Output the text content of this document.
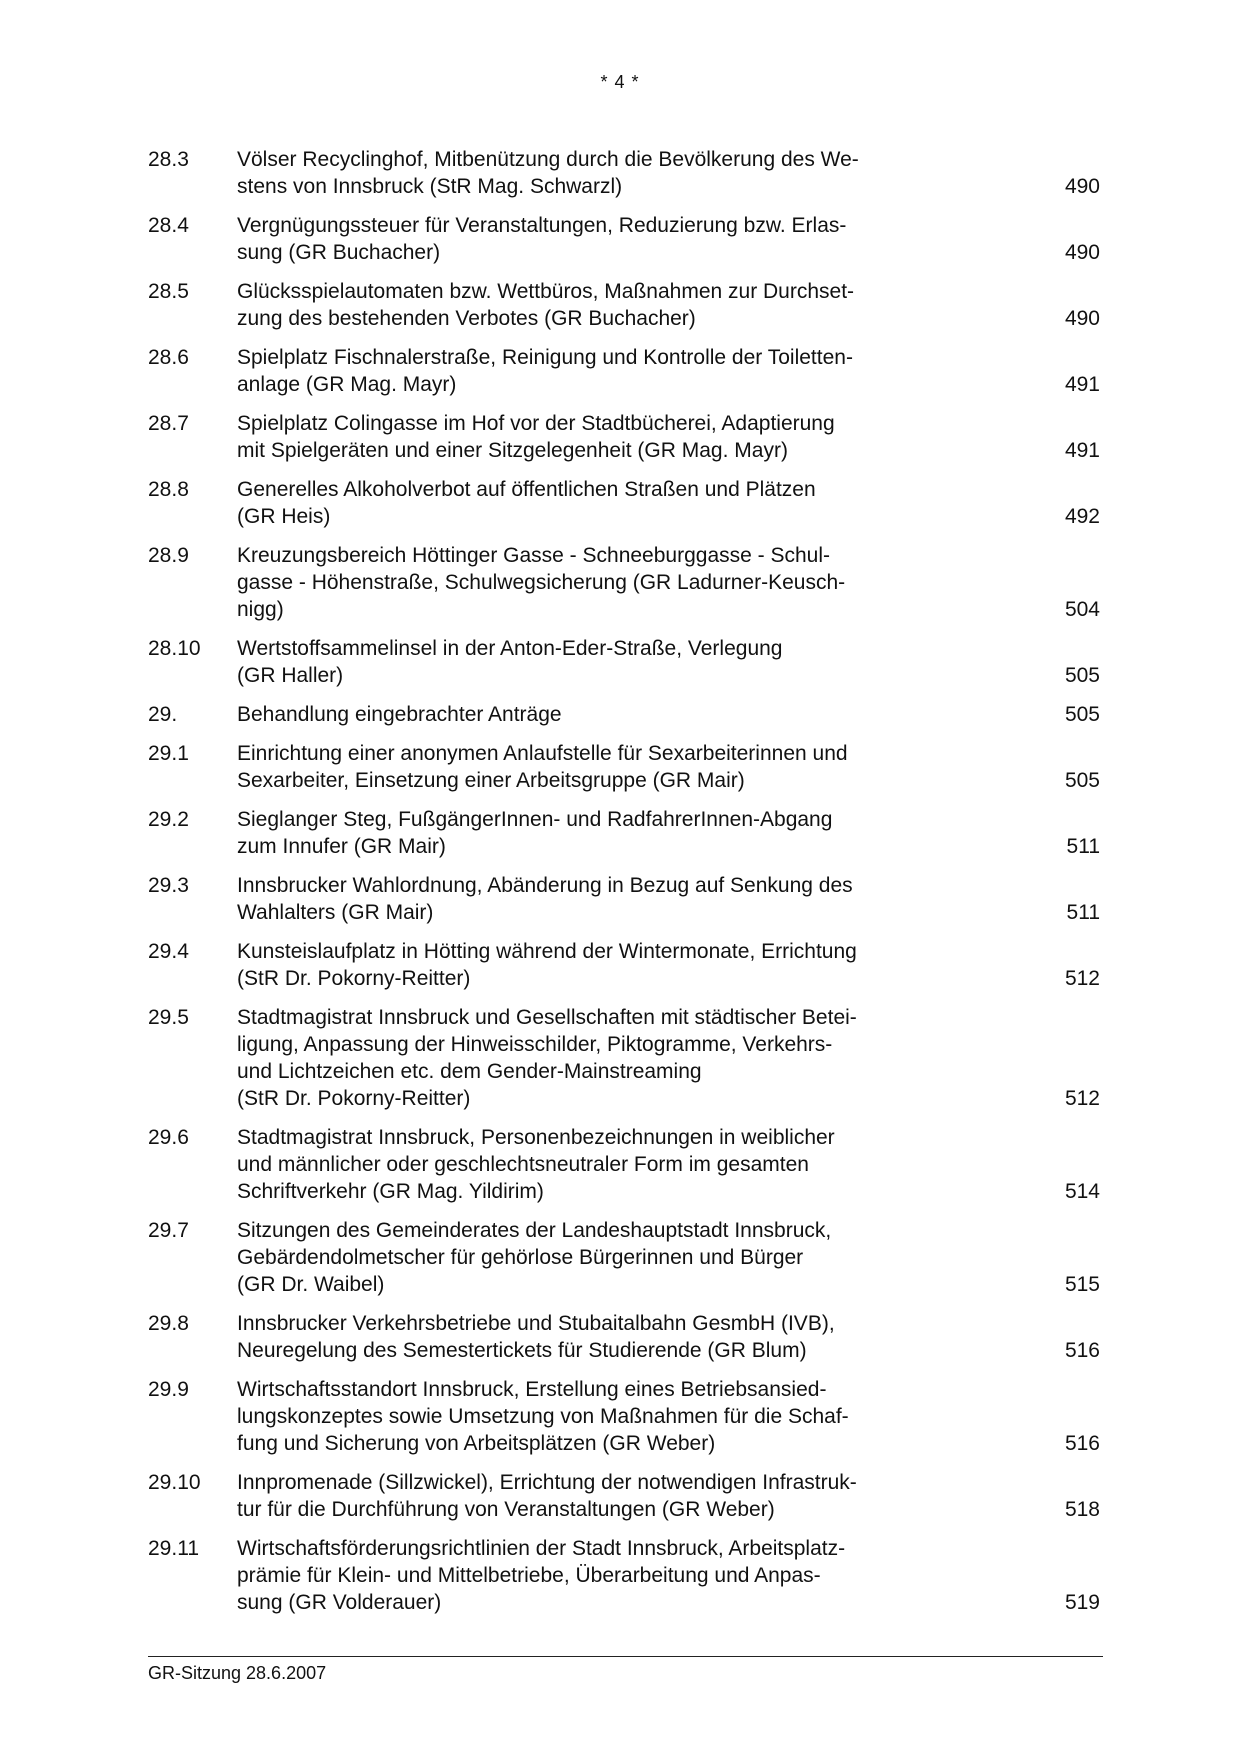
* 4 *
28.3	Völser Recyclinghof, Mitbenützung durch die Bevölkerung des We-
stens von Innsbruck (StR Mag. Schwarzl)	490
28.4	Vergnügungssteuer für Veranstaltungen, Reduzierung bzw. Erlas-
sung (GR Buchacher)	490
28.5	Glücksspielautomaten bzw. Wettbüros, Maßnahmen zur Durchset-
zung des bestehenden Verbotes (GR Buchacher)	490
28.6	Spielplatz Fischnalerstraße, Reinigung und Kontrolle der Toiletten-
anlage (GR Mag. Mayr)	491
28.7	Spielplatz Colingasse im Hof vor der Stadtbücherei, Adaptierung
mit Spielgeräten und einer Sitzgelegenheit (GR Mag. Mayr)	491
28.8	Generelles Alkoholverbot auf öffentlichen Straßen und Plätzen
(GR Heis)	492
28.9	Kreuzungsbereich Höttinger Gasse - Schneeburggasse - Schul-
gasse - Höhenstraße, Schulwegsicherung (GR Ladurner-Keusch-
nigg)	504
28.10	Wertstoffsammelinsel in der Anton-Eder-Straße, Verlegung
(GR Haller)	505
29.	Behandlung eingebrachter Anträge	505
29.1	Einrichtung einer anonymen Anlaufstelle für Sexarbeiterinnen und
Sexarbeiter, Einsetzung einer Arbeitsgruppe (GR Mair)	505
29.2	Sieglanger Steg, FußgängerInnen- und RadfahrerInnen-Abgang
zum Innufer (GR Mair)	511
29.3	Innsbrucker Wahlordnung, Abänderung in Bezug auf Senkung des
Wahlalters (GR Mair)	511
29.4	Kunsteislaufplatz in Hötting während der Wintermonate, Errichtung
(StR Dr. Pokorny-Reitter)	512
29.5	Stadtmagistrat Innsbruck und Gesellschaften mit städtischer Betei-
ligung, Anpassung der Hinweisschilder, Piktogramme, Verkehrs-
und Lichtzeichen etc. dem Gender-Mainstreaming
(StR Dr. Pokorny-Reitter)	512
29.6	Stadtmagistrat Innsbruck, Personenbezeichnungen in weiblicher
und männlicher oder geschlechtsneutraler Form im gesamten
Schriftverkehr (GR Mag. Yildirim)	514
29.7	Sitzungen des Gemeinderates der Landeshauptstadt Innsbruck,
Gebärdendolmetscher für gehörlose Bürgerinnen und Bürger
(GR Dr. Waibel)	515
29.8	Innsbrucker Verkehrsbetriebe und Stubaitalbahn GesmbH (IVB),
Neuregelung des Semestertickets für Studierende (GR Blum)	516
29.9	Wirtschaftsstandort Innsbruck, Erstellung eines Betriebsansied-
lungskonzeptes sowie Umsetzung von Maßnahmen für die Schaf-
fung und Sicherung von Arbeitsplätzen (GR Weber)	516
29.10	Innpromenade (Sillzwickel), Errichtung der notwendigen Infrastruk-
tur für die Durchführung von Veranstaltungen (GR Weber)	518
29.11	Wirtschaftsförderungsrichtlinien der Stadt Innsbruck, Arbeitsplatz-
prämie für Klein- und Mittelbetriebe, Überarbeitung und Anpas-
sung (GR Volderauer)	519
GR-Sitzung 28.6.2007
